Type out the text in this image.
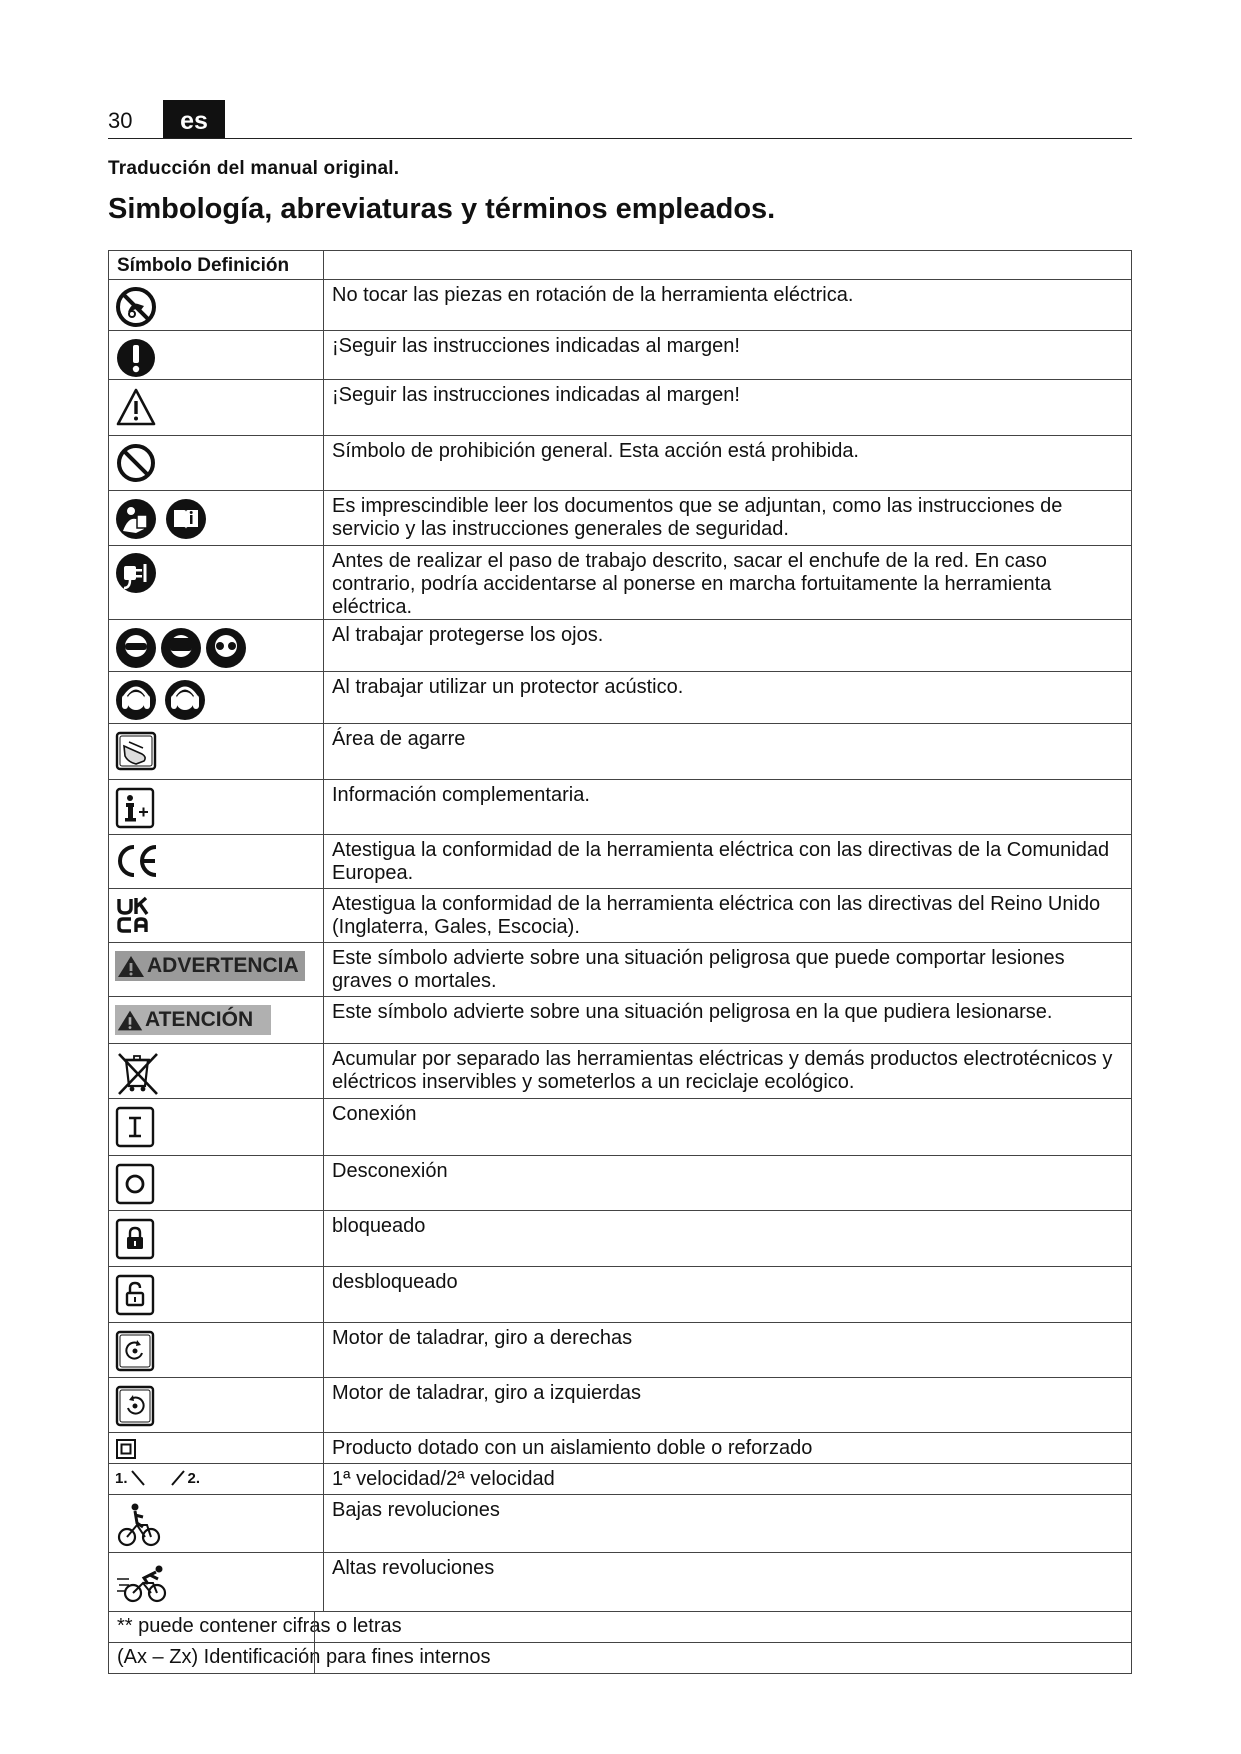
30	es
Traducción del manual original.
Simbología, abreviaturas y términos empleados.
Símbolo Definición	

	No tocar las piezas en rotación de la herramienta eléctrica.

	¡Seguir las instrucciones indicadas al margen!

	¡Seguir las instrucciones indicadas al margen!

	Símbolo de prohibición general. Esta acción está prohibida.

	Es imprescindible leer los documentos que se adjuntan, como las instrucciones de servicio y las instrucciones generales de seguridad.

	Antes de realizar el paso de trabajo descrito, sacar el enchufe de la red. En caso contrario, podría accidentarse al ponerse en marcha fortuitamente la herramienta eléctrica.

	Al trabajar protegerse los ojos.

	Al trabajar utilizar un protector acústico.

	Área de agarre

	Información complementaria.

	Atestigua la conformidad de la herramienta eléctrica con las directivas de la Comunidad Europea.

	Atestigua la conformidad de la herramienta eléctrica con las directivas del Reino Unido (Inglaterra, Gales, Escocia).

ADVERTENCIA	Este símbolo advierte sobre una situación peligrosa que puede comportar lesiones graves o mortales.

ATENCIÓN	Este símbolo advierte sobre una situación peligrosa en la que pudiera lesionarse.

	Acumular por separado las herramientas eléctricas y demás productos electrotécnicos y eléctricos inservibles y someterlos a un reciclaje ecológico.

	Conexión

	Desconexión

	bloqueado

	desbloqueado

	Motor de taladrar, giro a derechas

	Motor de taladrar, giro a izquierdas

	Producto dotado con un aislamiento doble o reforzado

1. 2.	1ª velocidad/2ª velocidad

	Bajas revoluciones

	Altas revoluciones

** puede contener cifras o letras	

(Ax – Zx) Identificación para fines internos	
